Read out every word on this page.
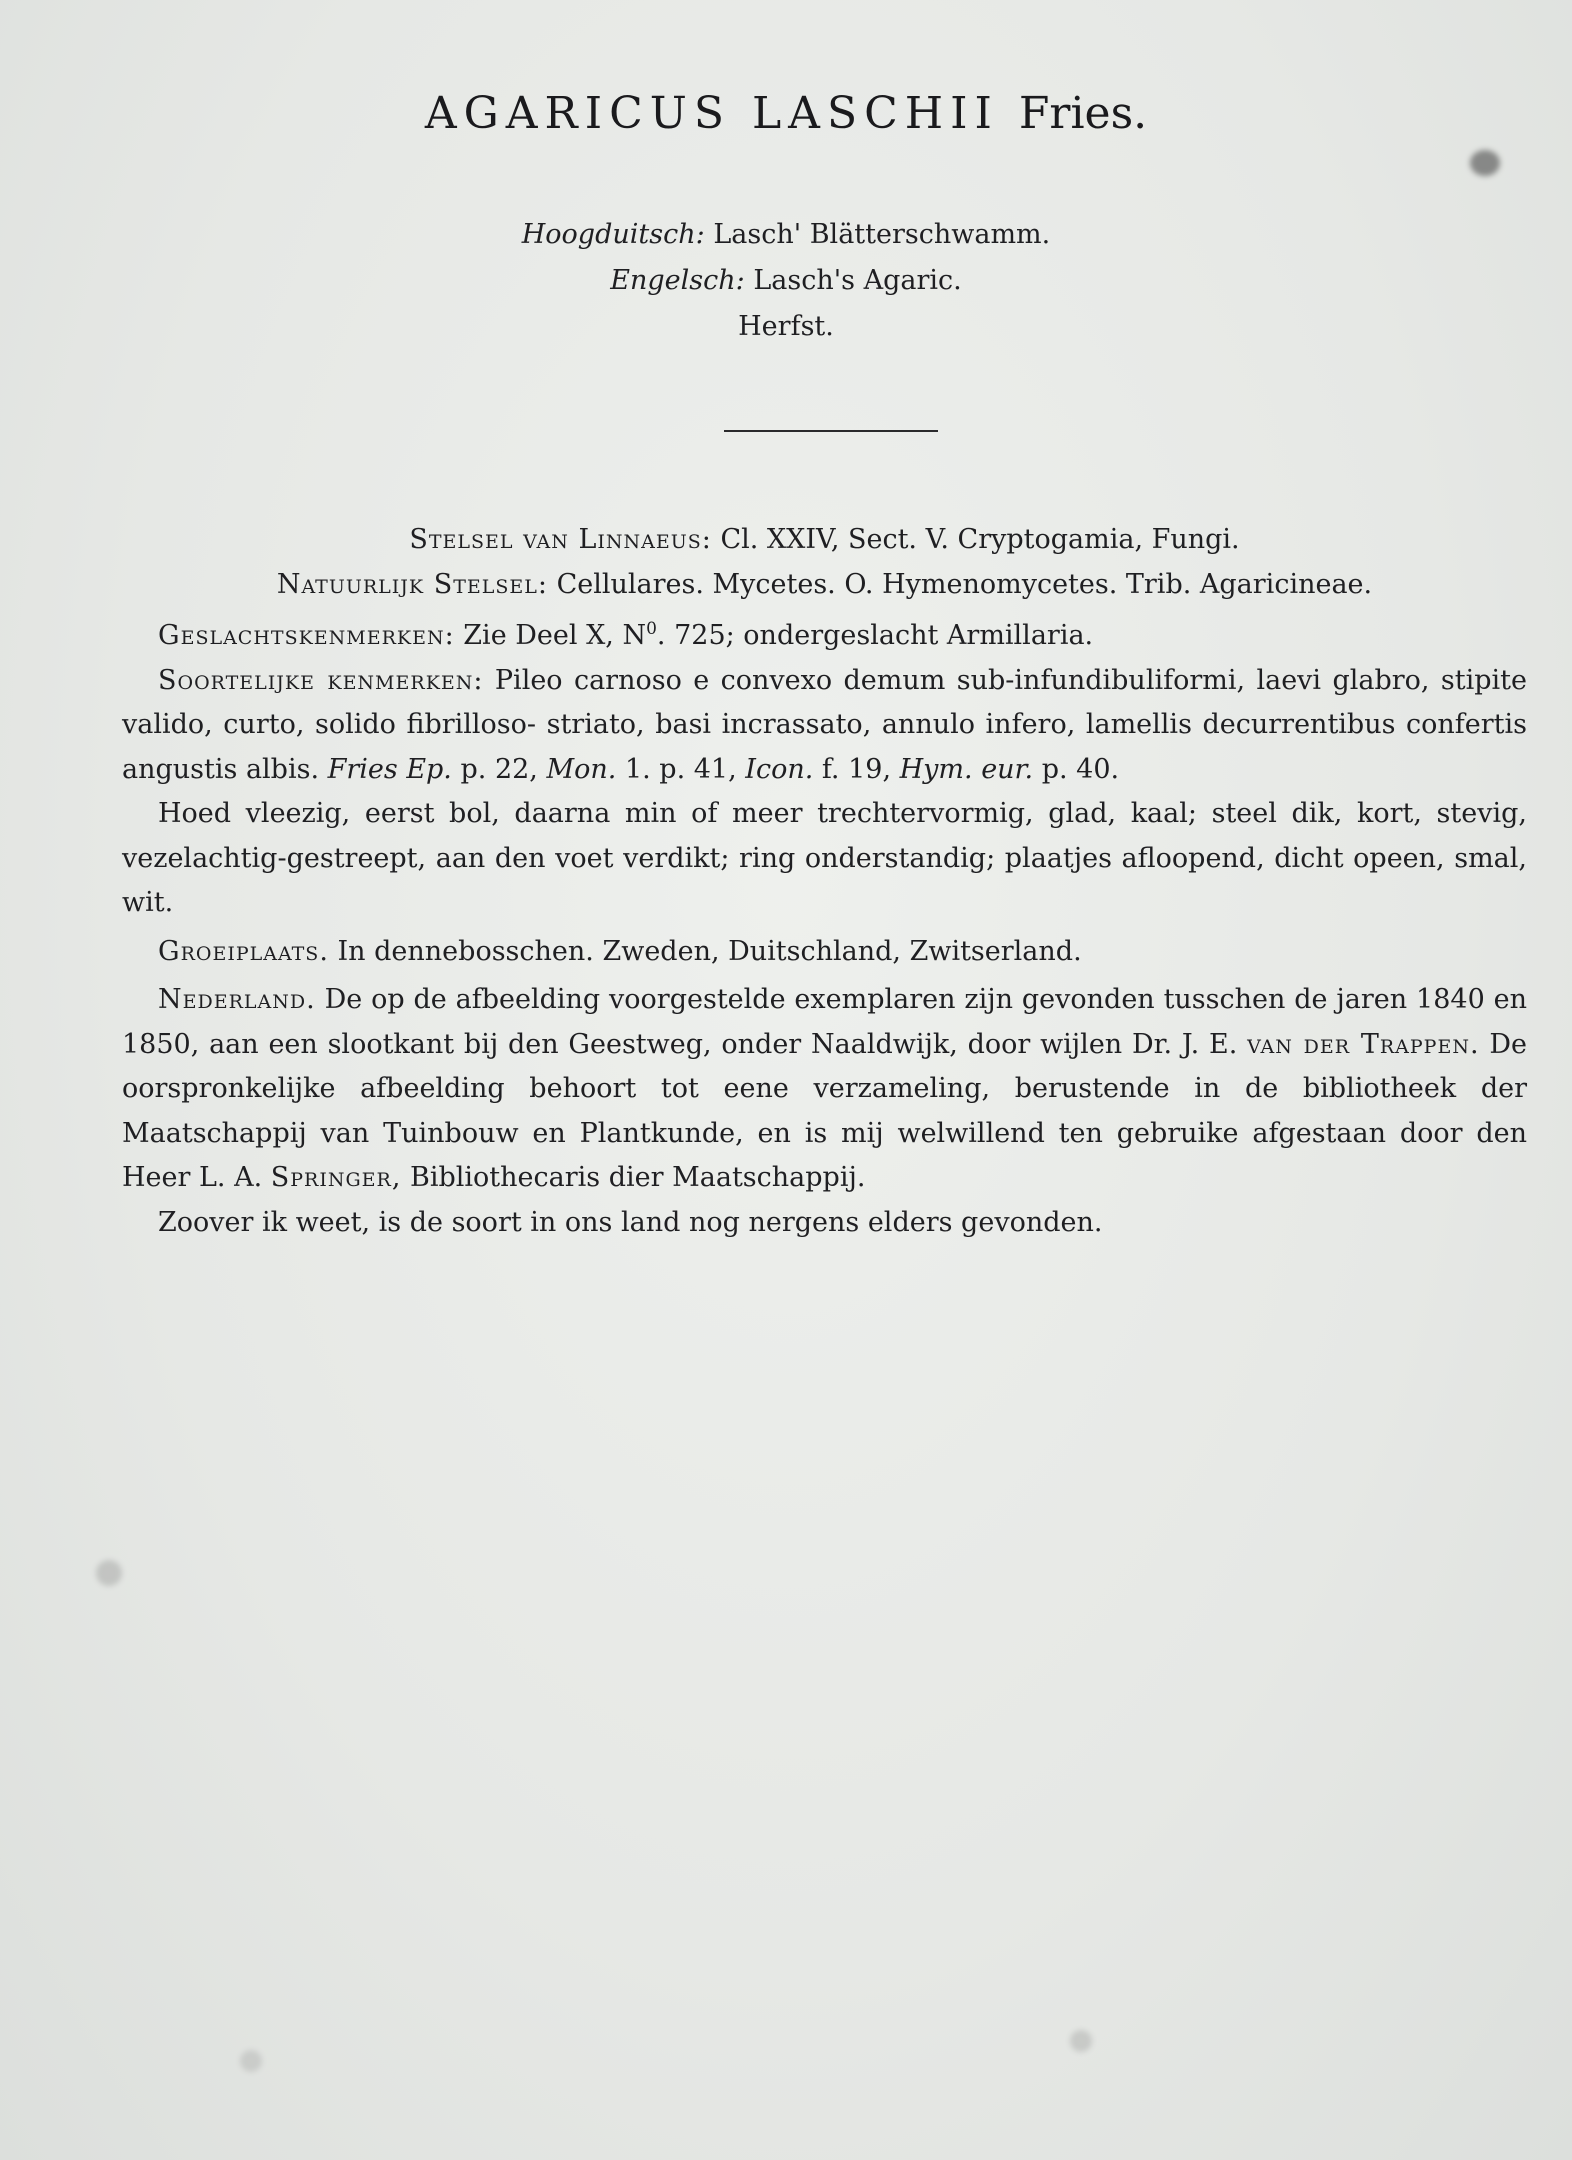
AGARICUS LASCHII Fries.
Hoogduitsch: Lasch' Blätterschwamm.
Engelsch: Lasch's Agaric.
Herfst.

Stelsel van Linnaeus: Cl. XXIV, Sect. V. Cryptogamia, Fungi.

Natuurlijk Stelsel: Cellulares. Mycetes. O. Hymenomycetes. Trib. Agaricineae.

Geslachtskenmerken: Zie Deel X, $N^0$. 725; ondergeslacht Armillaria.

Soortelijke kenmerken: Pileo carnoso e convexo demum sub-infundibuliformi, laevi glabro, stipite valido, curto, solido fibrilloso- striato, basi incrassato, annulo infero, lamellis decurrentibus confertis angustis albis. Fries Ep. p. 22, Mon. 1. p. 41, Icon. f. 19, Hym. eur. p. 40.

Hoed vleezig, eerst bol, daarna min of meer trechtervormig, glad, kaal; steel dik, kort, stevig, vezelachtig-gestreept, aan den voet verdikt; ring onderstandig; plaatjes afloopend, dicht opeen, smal, wit.

Groeiplaats. In dennebosschen. Zweden, Duitschland, Zwitserland.

Nederland. De op de afbeelding voorgestelde exemplaren zijn gevonden tusschen de jaren 1840 en 1850, aan een slootkant bij den Geestweg, onder Naaldwijk, door wijlen Dr. J. E. van der Trappen. De oorspronkelijke afbeelding behoort tot eene verzameling, berustende in de bibliotheek der Maatschappij van Tuinbouw en Plantkunde, en is mij welwillend ten gebruike afgestaan door den Heer L. A. Springer, Bibliothecaris dier Maatschappij.

Zoover ik weet, is de soort in ons land nog nergens elders gevonden.
